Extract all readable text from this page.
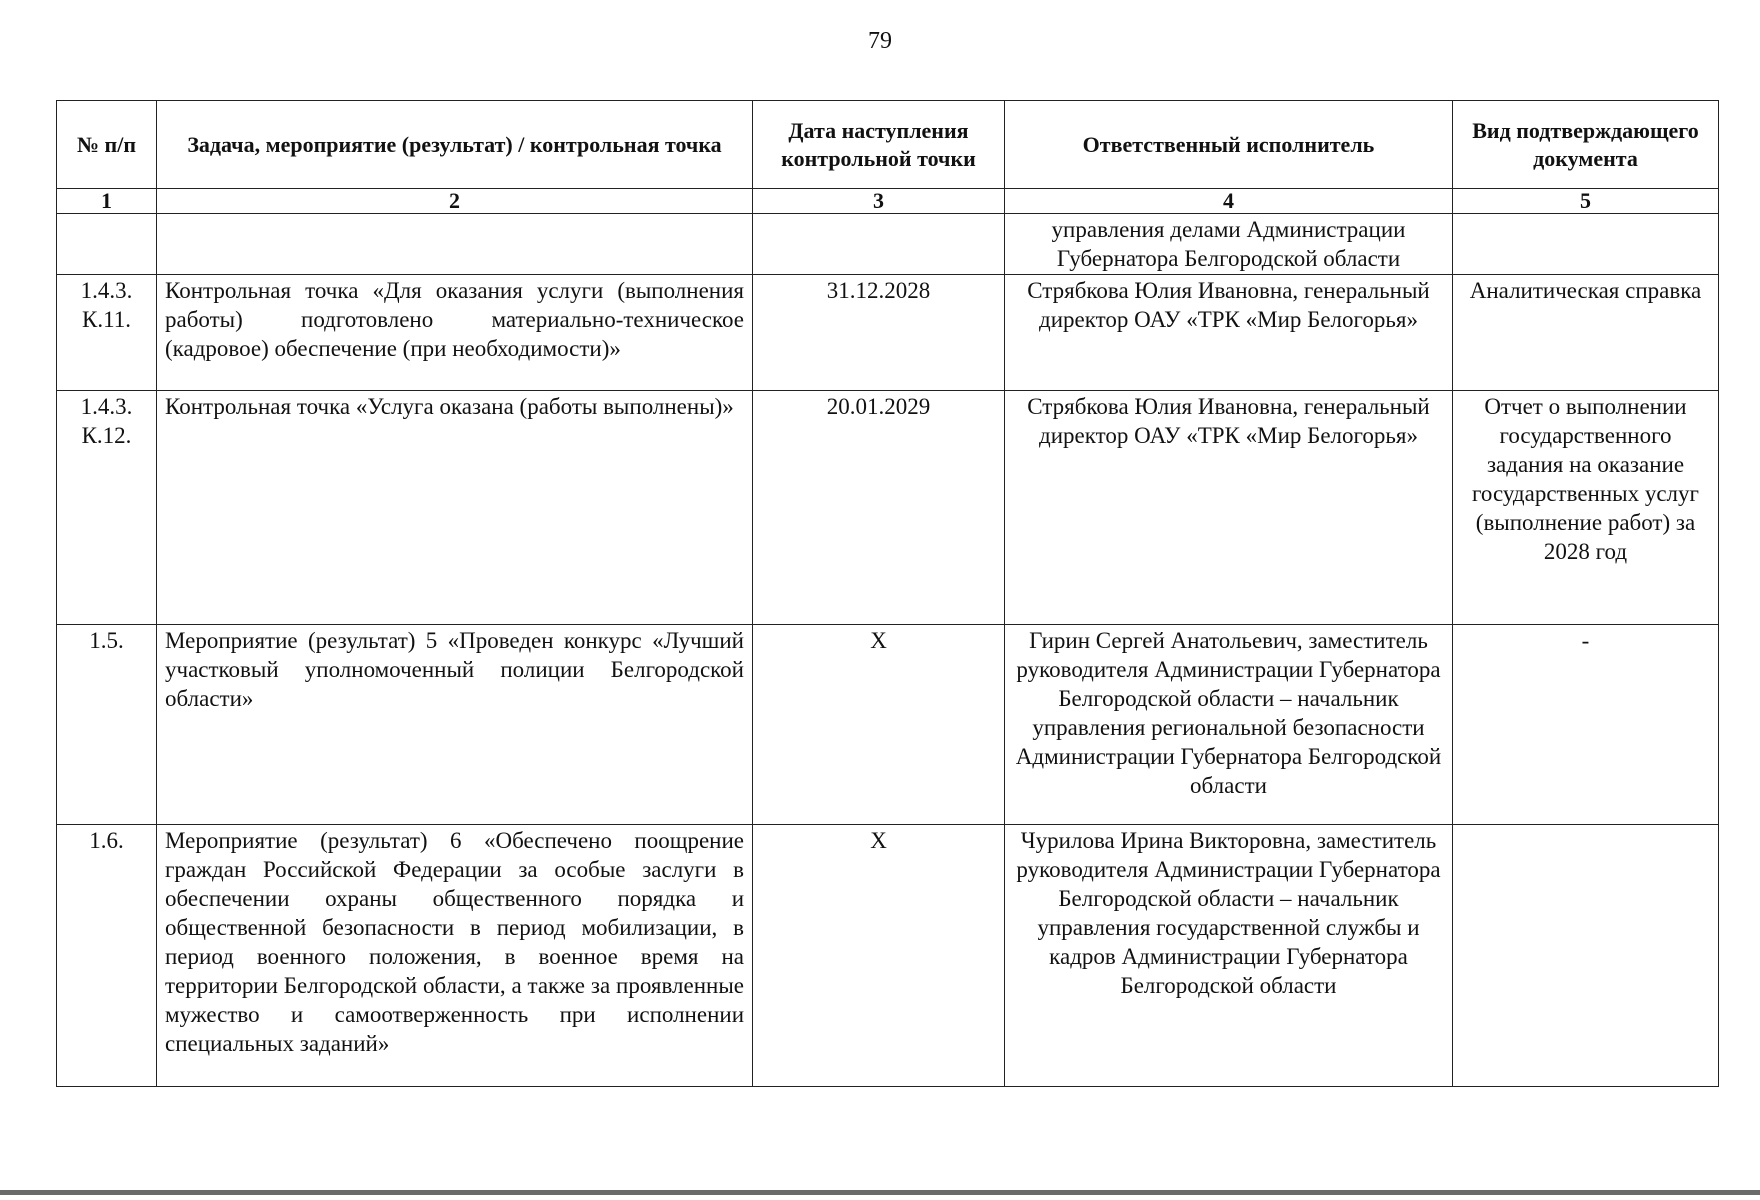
79
№ п/п	Задача, мероприятие (результат) / контрольная точка	Дата наступления контрольной точки	Ответственный исполнитель	Вид подтверждающего документа
1	2	3	4	5
			управления делами Администрации Губернатора Белгородской области	
1.4.3. К.11.	Контрольная точка «Для оказания услуги (выполнения работы) подготовлено материально-техническое (кадровое) обеспечение (при необходимости)»	31.12.2028	Стрябкова Юлия Ивановна, генеральный директор ОАУ «ТРК «Мир Белогорья»	Аналитическая справка
1.4.3. К.12.	Контрольная точка «Услуга оказана (работы выполнены)»	20.01.2029	Стрябкова Юлия Ивановна, генеральный директор ОАУ «ТРК «Мир Белогорья»	Отчет о выполнении государственного задания на оказание государственных услуг (выполнение работ) за 2028 год
1.5.	Мероприятие (результат) 5 «Проведен конкурс «Лучший участковый уполномоченный полиции Белгородской области»	X	Гирин Сергей Анатольевич, заместитель руководителя Администрации Губернатора Белгородской области – начальник управления региональной безопасности Администрации Губернатора Белгородской области	-
1.6.	Мероприятие (результат) 6 «Обеспечено поощрение граждан Российской Федерации за особые заслуги в обеспечении охраны общественного порядка и общественной безопасности в период мобилизации, в период военного положения, в военное время на территории Белгородской области, а также за проявленные мужество и самоотверженность при исполнении специальных заданий»	X	Чурилова Ирина Викторовна, заместитель руководителя Администрации Губернатора Белгородской области – начальник управления государственной службы и кадров Администрации Губернатора Белгородской области	
